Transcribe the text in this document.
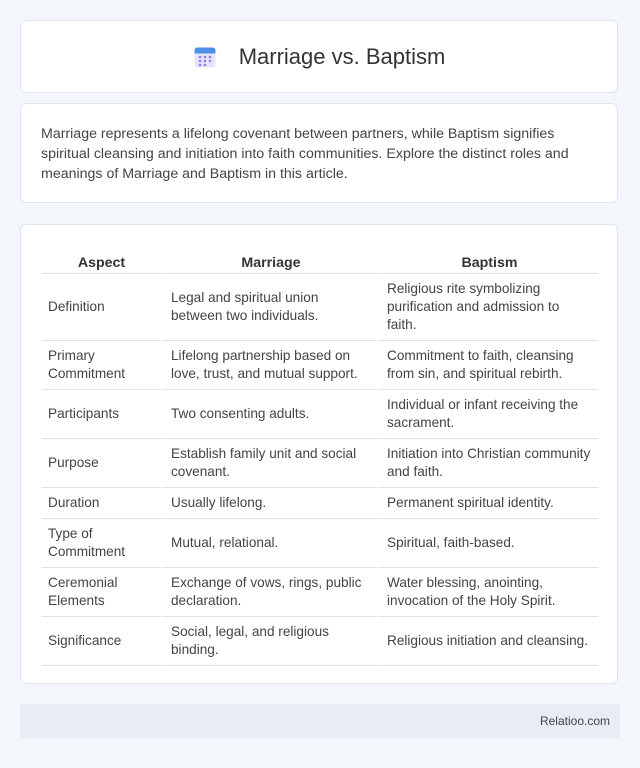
Marriage vs. Baptism

Marriage represents a lifelong covenant between partners, while Baptism signifies spiritual cleansing and initiation into faith communities. Explore the distinct roles and meanings of Marriage and Baptism in this article.

Aspect	Marriage	Baptism
Definition	Legal and spiritual union between two individuals.	Religious rite symbolizing purification and admission to faith.
Primary Commitment	Lifelong partnership based on love, trust, and mutual support.	Commitment to faith, cleansing from sin, and spiritual rebirth.
Participants	Two consenting adults.	Individual or infant receiving the sacrament.
Purpose	Establish family unit and social covenant.	Initiation into Christian community and faith.
Duration	Usually lifelong.	Permanent spiritual identity.
Type of Commitment	Mutual, relational.	Spiritual, faith-based.
Ceremonial Elements	Exchange of vows, rings, public declaration.	Water blessing, anointing, invocation of the Holy Spirit.
Significance	Social, legal, and religious binding.	Religious initiation and cleansing.
Relatioo.com
